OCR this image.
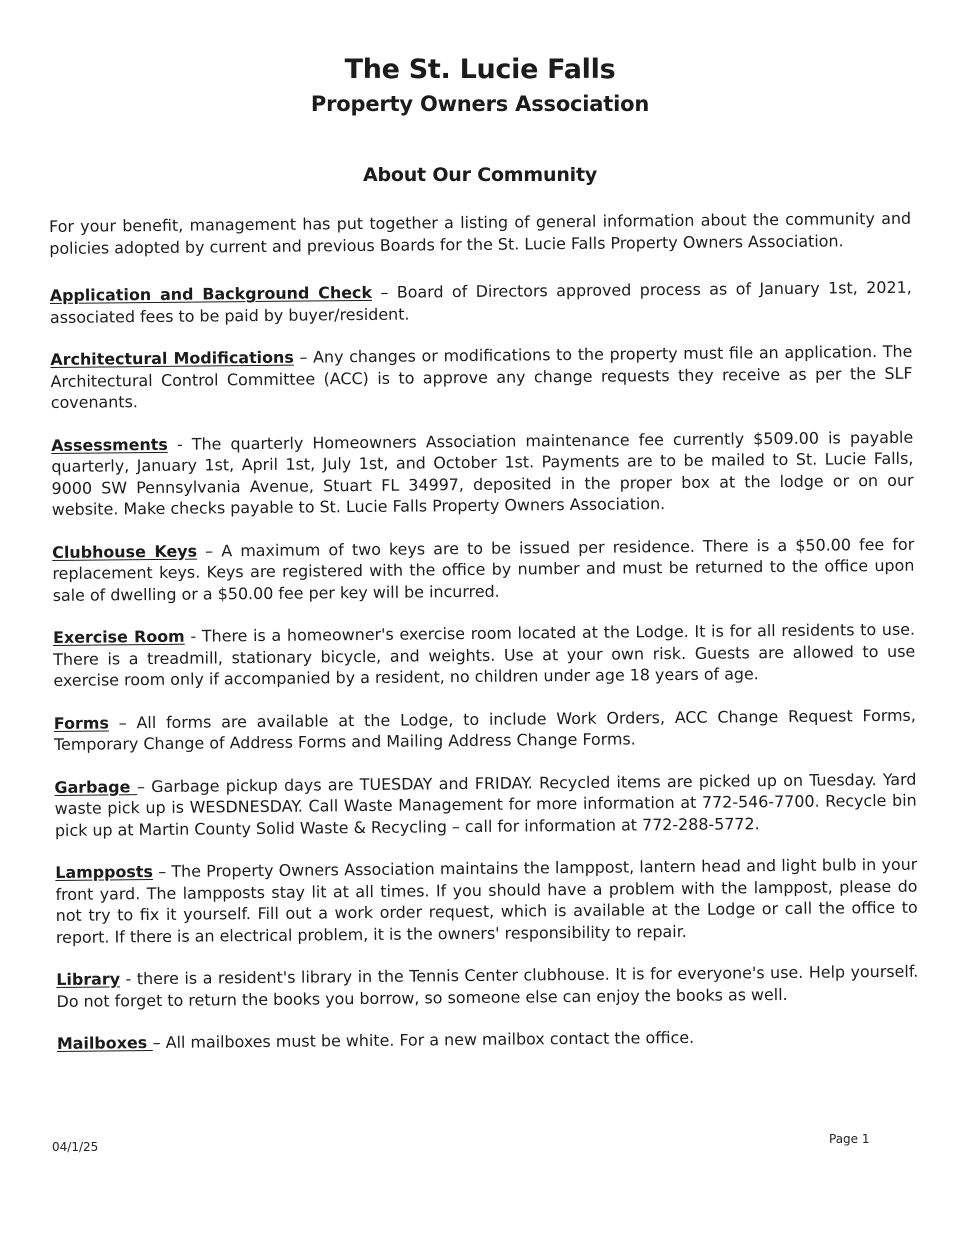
The St. Lucie Falls
Property Owners Association
About Our Community

For your benefit, management has put together a listing of general information about the community and policies adopted by current and previous Boards for the St. Lucie Falls Property Owners Association.

Application and Background Check – Board of Directors approved process as of January 1st, 2021, associated fees to be paid by buyer/resident.

Architectural Modifications – Any changes or modifications to the property must file an application. The Architectural Control Committee (ACC) is to approve any change requests they receive as per the SLF covenants.

Assessments - The quarterly Homeowners Association maintenance fee currently $509.00 is payable quarterly, January 1st, April 1st, July 1st, and October 1st. Payments are to be mailed to St. Lucie Falls, 9000 SW Pennsylvania Avenue, Stuart FL 34997, deposited in the proper box at the lodge or on our website. Make checks payable to St. Lucie Falls Property Owners Association.

Clubhouse Keys – A maximum of two keys are to be issued per residence. There is a $50.00 fee for replacement keys. Keys are registered with the office by number and must be returned to the office upon sale of dwelling or a $50.00 fee per key will be incurred.

Exercise Room - There is a homeowner's exercise room located at the Lodge. It is for all residents to use. There is a treadmill, stationary bicycle, and weights. Use at your own risk. Guests are allowed to use exercise room only if accompanied by a resident, no children under age 18 years of age.

Forms – All forms are available at the Lodge, to include Work Orders, ACC Change Request Forms, Temporary Change of Address Forms and Mailing Address Change Forms.

Garbage – Garbage pickup days are TUESDAY and FRIDAY. Recycled items are picked up on Tuesday. Yard waste pick up is WESDNESDAY. Call Waste Management for more information at 772-546-7700. Recycle bin pick up at Martin County Solid Waste & Recycling – call for information at 772-288-5772.

Lampposts – The Property Owners Association maintains the lamppost, lantern head and light bulb in your front yard. The lampposts stay lit at all times. If you should have a problem with the lamppost, please do not try to fix it yourself. Fill out a work order request, which is available at the Lodge or call the office to report. If there is an electrical problem, it is the owners' responsibility to repair.

Library - there is a resident's library in the Tennis Center clubhouse. It is for everyone's use. Help yourself. Do not forget to return the books you borrow, so someone else can enjoy the books as well.

Mailboxes – All mailboxes must be white. For a new mailbox contact the office.

04/1/25
Page 1
